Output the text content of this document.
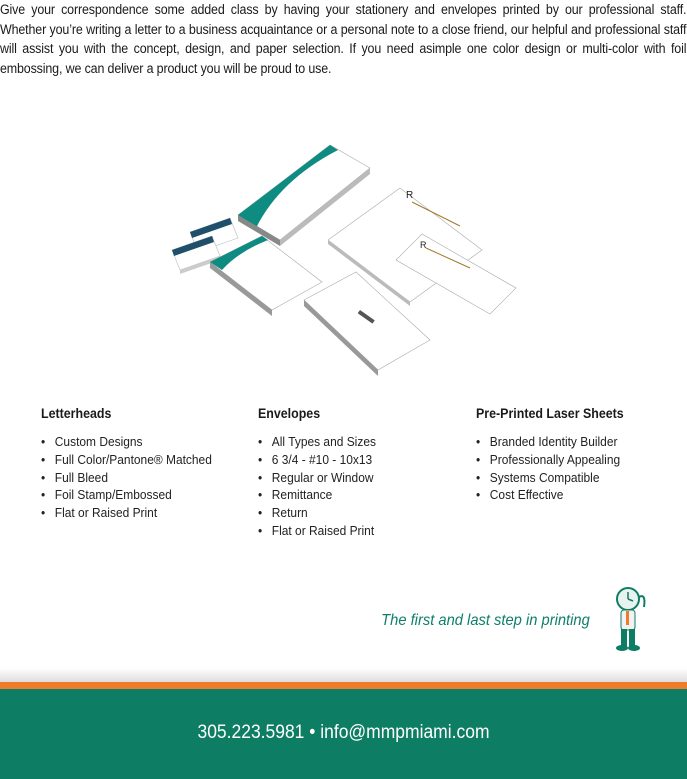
Give your correspondence some added class by having your stationery and envelopes printed by our professional staff. Whether you’re writing a letter to a business acquaintance or a personal note to a close friend, our helpful and professional staff will assist you with the concept, design, and paper selection. If you need asimple one color design or multi-color with foil embossing, we can deliver a product you will be proud to use.
R
R
Letterheads
• Custom Designs
• Full Color/Pantone® Matched
• Full Bleed
• Foil Stamp/Embossed
• Flat or Raised Print
Envelopes
• All Types and Sizes
• 6 3/4 - #10 - 10x13
• Regular or Window
• Remittance
• Return
• Flat or Raised Print
Pre-Printed Laser Sheets
• Branded Identity Builder
• Professionally Appealing
• Systems Compatible
• Cost Effective
The first and last step in printing
305.223.5981 • info@mmpmiami.com
